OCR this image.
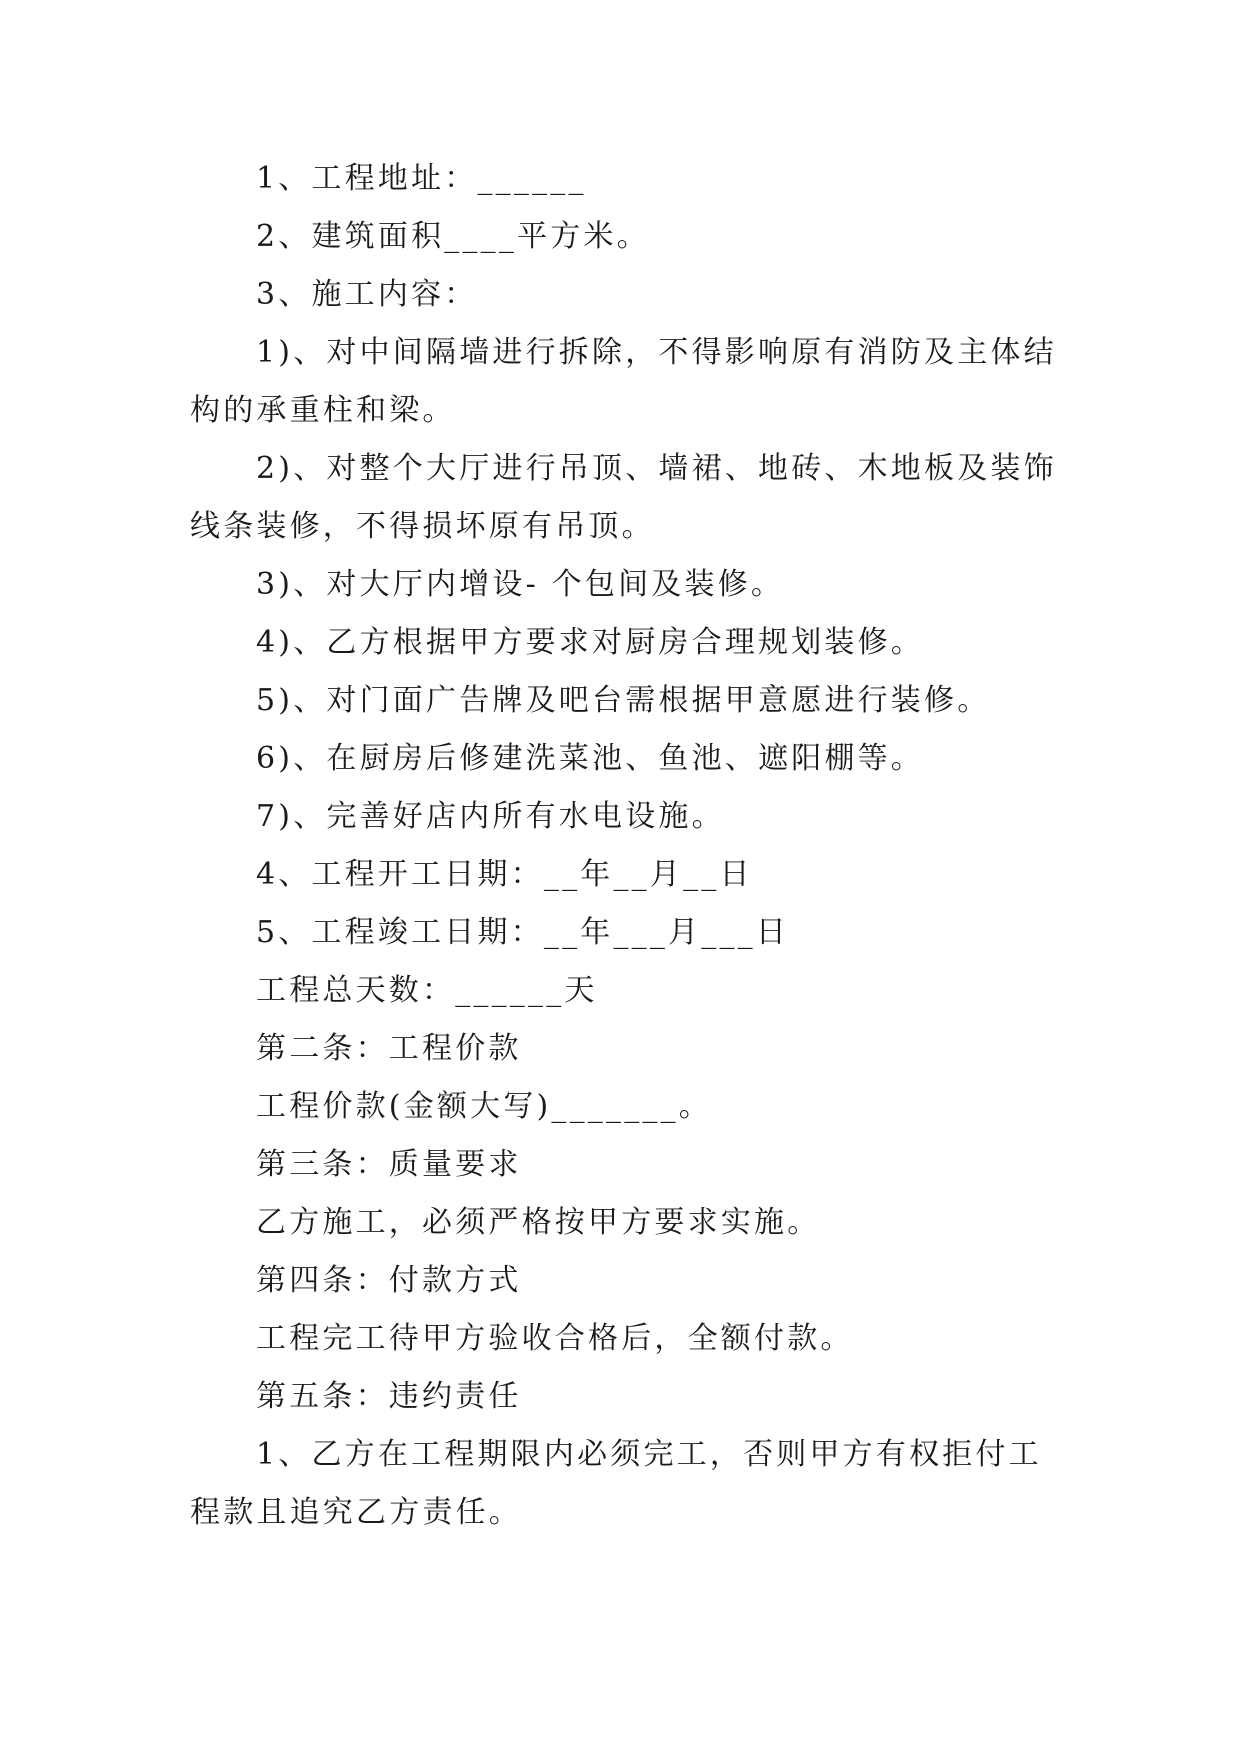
1、工程地址：______

2、建筑面积____平方米。

3、施工内容：

1)、对中间隔墙进行拆除，不得影响原有消防及主体结构的承重柱和梁。

2)、对整个大厅进行吊顶、墙裙、地砖、木地板及装饰线条装修，不得损坏原有吊顶。

3)、对大厅内增设- 个包间及装修。

4)、乙方根据甲方要求对厨房合理规划装修。

5)、对门面广告牌及吧台需根据甲意愿进行装修。

6)、在厨房后修建洗菜池、鱼池、遮阳棚等。

7)、完善好店内所有水电设施。

4、工程开工日期：__年__月__日

5、工程竣工日期：__年___月___日

工程总天数：______天

第二条：工程价款

工程价款(金额大写)_______。

第三条：质量要求

乙方施工，必须严格按甲方要求实施。

第四条：付款方式

工程完工待甲方验收合格后，全额付款。

第五条：违约责任

1、乙方在工程期限内必须完工，否则甲方有权拒付工程款且追究乙方责任。
